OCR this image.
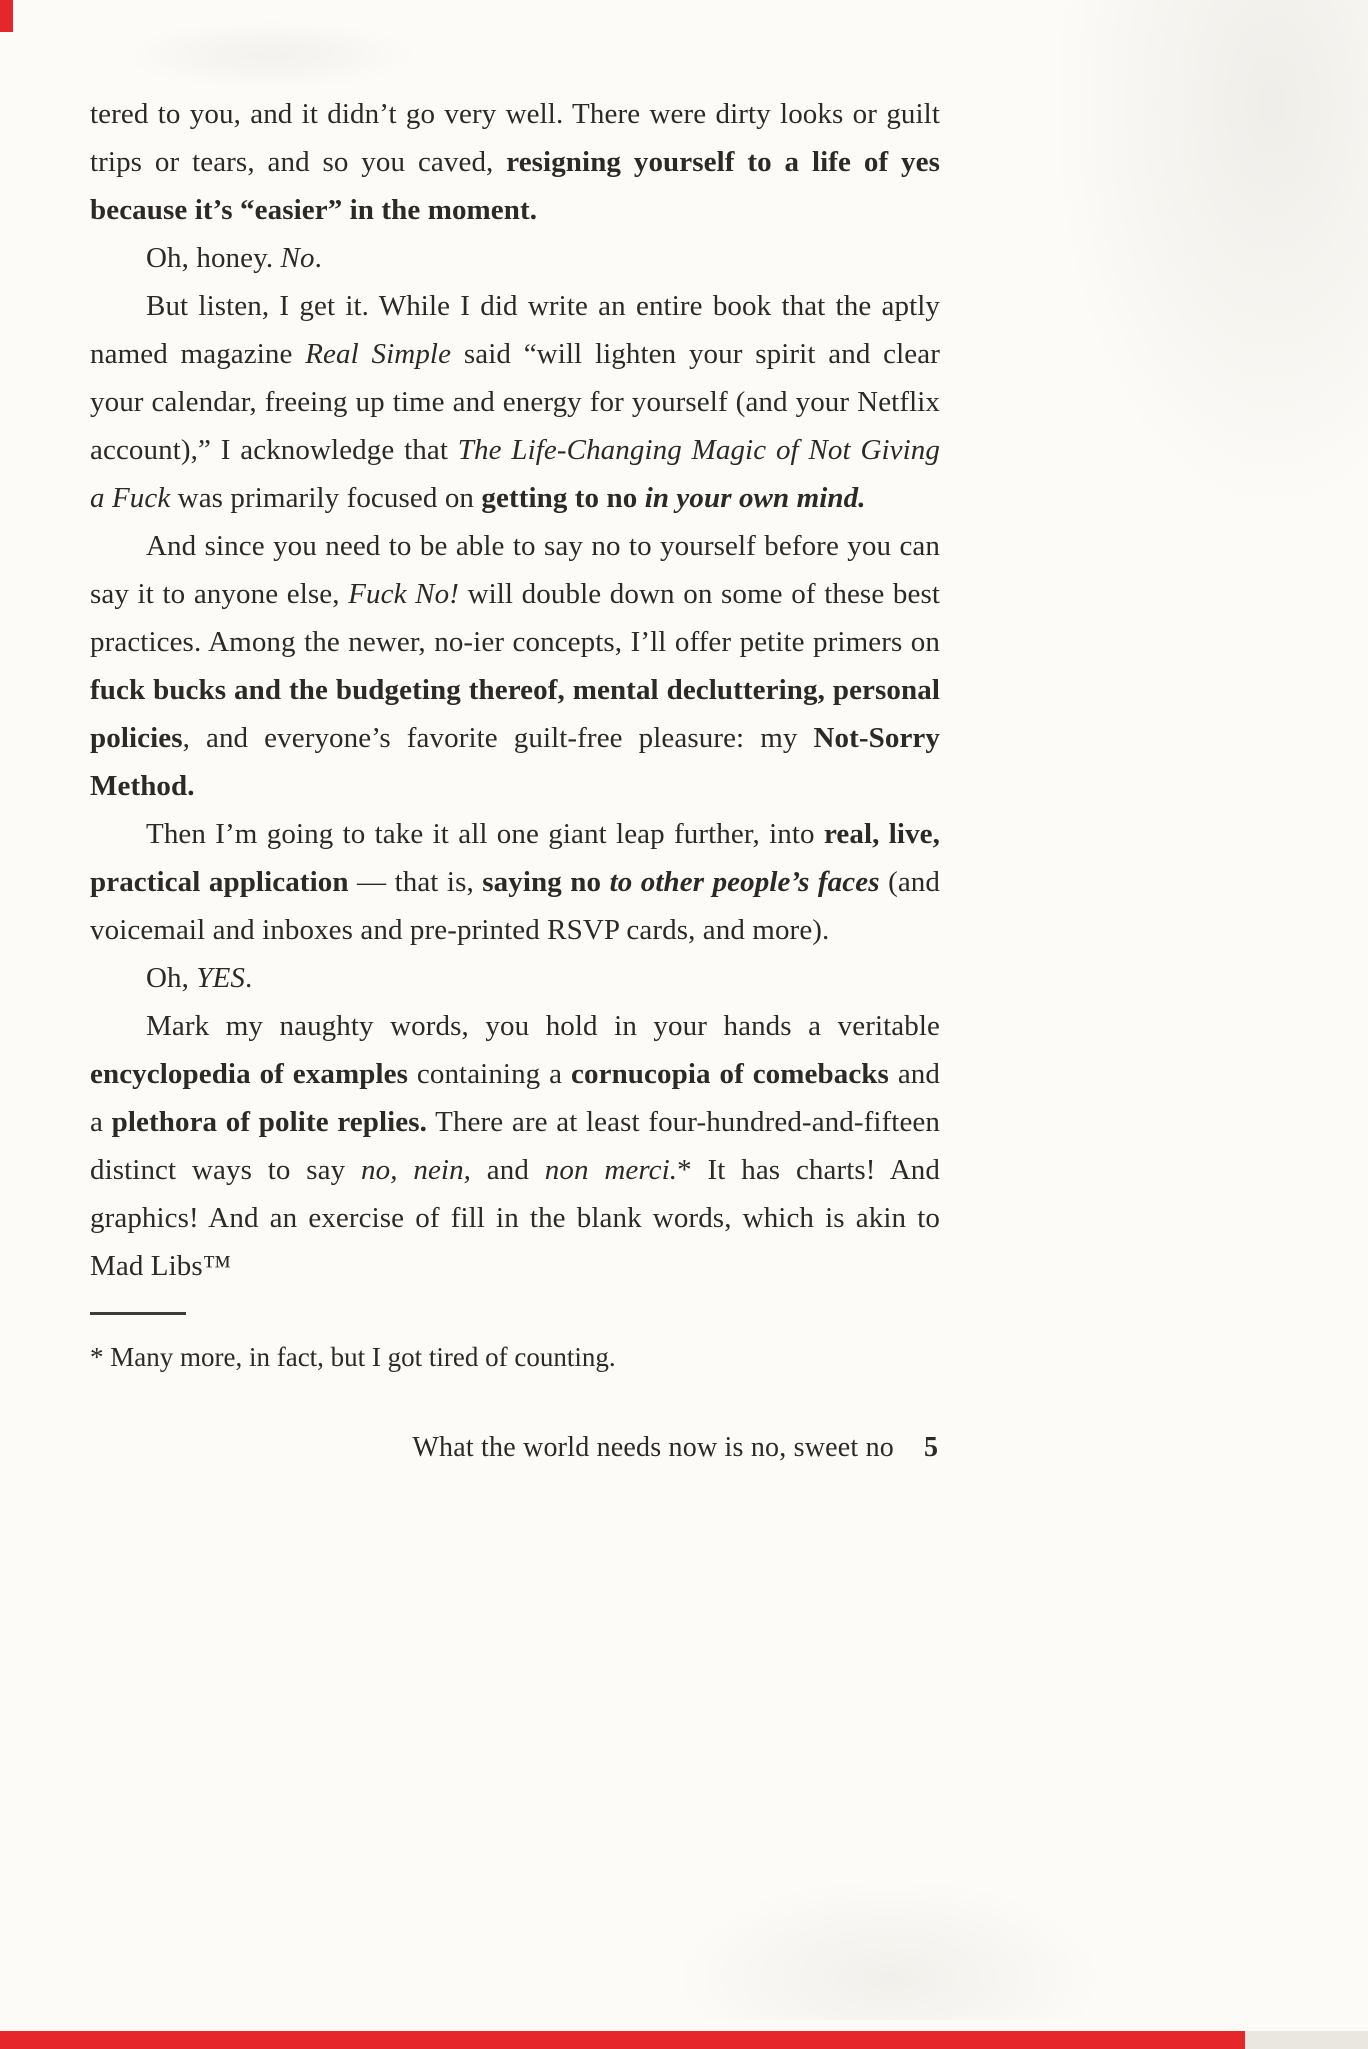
tered to you, and it didn’t go very well. There were dirty looks or guilt trips or tears, and so you caved, resigning yourself to a life of yes because it’s “easier” in the moment.

Oh, honey. No.

But listen, I get it. While I did write an entire book that the aptly named magazine Real Simple said “will lighten your spirit and clear your calendar, freeing up time and energy for yourself (and your Netflix account),” I acknowledge that The Life-Changing Magic of Not Giving a Fuck was primarily focused on getting to no in your own mind.

And since you need to be able to say no to yourself before you can say it to anyone else, Fuck No! will double down on some of these best practices. Among the newer, no-ier concepts, I’ll offer petite primers on fuck bucks and the budgeting thereof, mental decluttering, personal policies, and everyone’s favorite guilt-free pleasure: my Not-Sorry Method.

Then I’m going to take it all one giant leap further, into real, live, practical application — that is, saying no to other people’s faces (and voicemail and inboxes and pre-printed RSVP cards, and more).

Oh, YES.

Mark my naughty words, you hold in your hands a veritable encyclopedia of examples containing a cornucopia of comebacks and a plethora of polite replies. There are at least four-hundred-and-fifteen distinct ways to say no, nein, and non merci.* It has charts! And graphics! And an exercise of fill in the blank words, which is akin to Mad Libs™

* Many more, in fact, but I got tired of counting.

What the world needs now is no, sweet no 5
